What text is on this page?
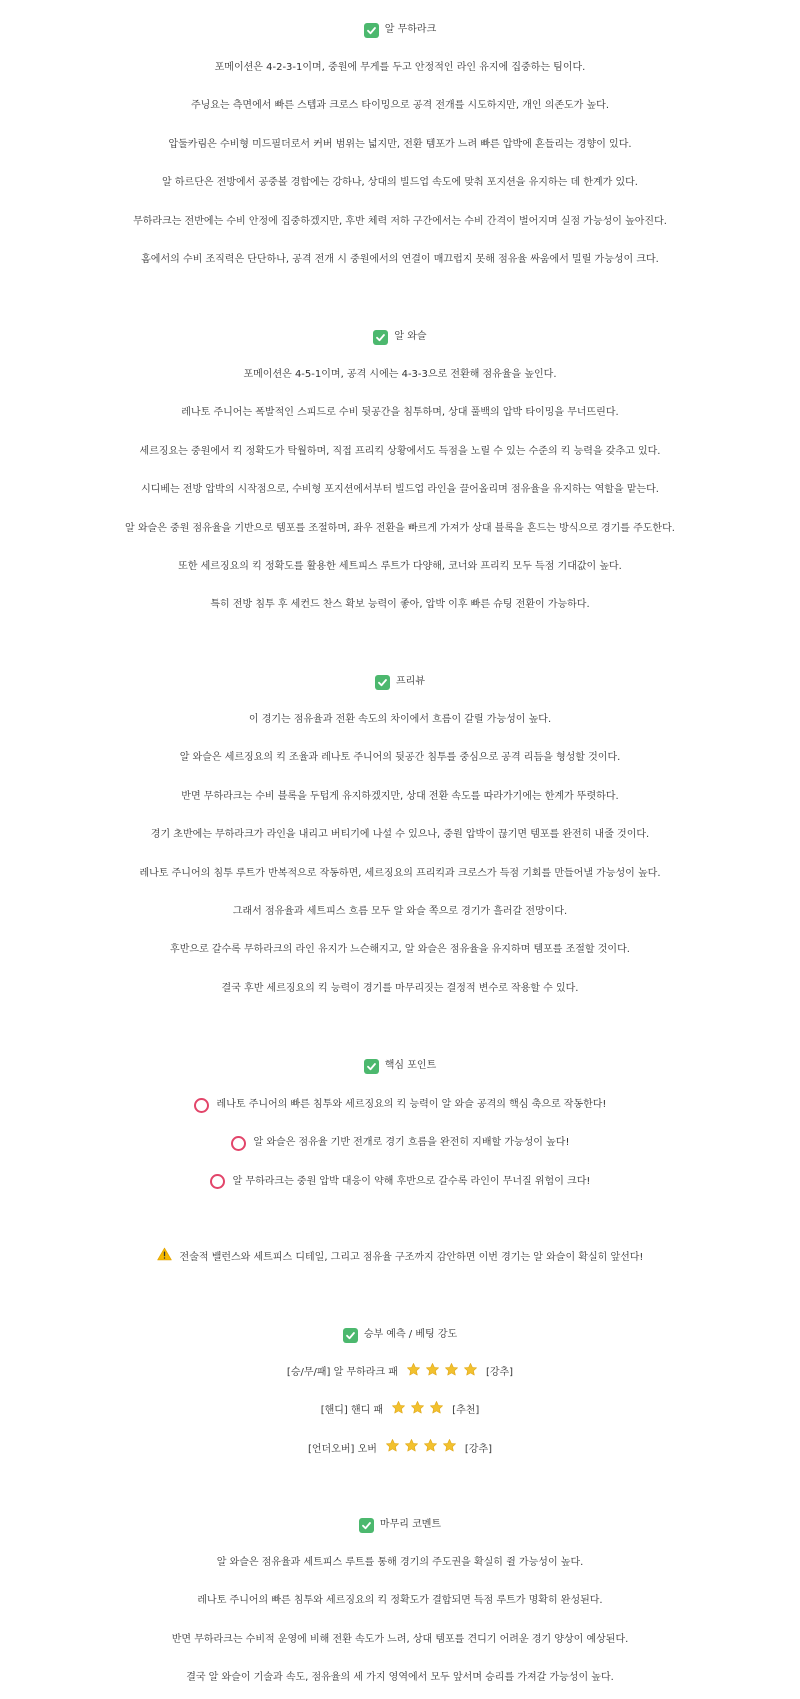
알 무하라크
포메이션은 4-2-3-1이며, 중원에 무게를 두고 안정적인 라인 유지에 집중하는 팀이다.
주닝요는 측면에서 빠른 스텝과 크로스 타이밍으로 공격 전개를 시도하지만, 개인 의존도가 높다.
압둘카림은 수비형 미드필더로서 커버 범위는 넓지만, 전환 템포가 느려 빠른 압박에 흔들리는 경향이 있다.
알 하르단은 전방에서 공중볼 경합에는 강하나, 상대의 빌드업 속도에 맞춰 포지션을 유지하는 데 한계가 있다.
무하라크는 전반에는 수비 안정에 집중하겠지만, 후반 체력 저하 구간에서는 수비 간격이 벌어지며 실점 가능성이 높아진다.
홈에서의 수비 조직력은 단단하나, 공격 전개 시 중원에서의 연결이 매끄럽지 못해 점유율 싸움에서 밀릴 가능성이 크다.
알 와슬
포메이션은 4-5-1이며, 공격 시에는 4-3-3으로 전환해 점유율을 높인다.
레나토 주니어는 폭발적인 스피드로 수비 뒷공간을 침투하며, 상대 풀백의 압박 타이밍을 무너뜨린다.
세르징요는 중원에서 킥 정확도가 탁월하며, 직접 프리킥 상황에서도 득점을 노릴 수 있는 수준의 킥 능력을 갖추고 있다.
시디베는 전방 압박의 시작점으로, 수비형 포지션에서부터 빌드업 라인을 끌어올리며 점유율을 유지하는 역할을 맡는다.
알 와슬은 중원 점유율을 기반으로 템포를 조절하며, 좌우 전환을 빠르게 가져가 상대 블록을 흔드는 방식으로 경기를 주도한다.
또한 세르징요의 킥 정확도를 활용한 세트피스 루트가 다양해, 코너와 프리킥 모두 득점 기대값이 높다.
특히 전방 침투 후 세컨드 찬스 확보 능력이 좋아, 압박 이후 빠른 슈팅 전환이 가능하다.
프리뷰
이 경기는 점유율과 전환 속도의 차이에서 흐름이 갈릴 가능성이 높다.
알 와슬은 세르징요의 킥 조율과 레나토 주니어의 뒷공간 침투를 중심으로 공격 리듬을 형성할 것이다.
반면 무하라크는 수비 블록을 두텁게 유지하겠지만, 상대 전환 속도를 따라가기에는 한계가 뚜렷하다.
경기 초반에는 무하라크가 라인을 내리고 버티기에 나설 수 있으나, 중원 압박이 끊기면 템포를 완전히 내줄 것이다.
레나토 주니어의 침투 루트가 반복적으로 작동하면, 세르징요의 프리킥과 크로스가 득점 기회를 만들어낼 가능성이 높다.
그래서 점유율과 세트피스 흐름 모두 알 와슬 쪽으로 경기가 흘러갈 전망이다.
후반으로 갈수록 무하라크의 라인 유지가 느슨해지고, 알 와슬은 점유율을 유지하며 템포를 조절할 것이다.
결국 후반 세르징요의 킥 능력이 경기를 마무리짓는 결정적 변수로 작용할 수 있다.
핵심 포인트
레나토 주니어의 빠른 침투와 세르징요의 킥 능력이 알 와슬 공격의 핵심 축으로 작동한다!
알 와슬은 점유율 기반 전개로 경기 흐름을 완전히 지배할 가능성이 높다!
알 무하라크는 중원 압박 대응이 약해 후반으로 갈수록 라인이 무너질 위험이 크다!
전술적 밸런스와 세트피스 디테일, 그리고 점유율 구조까지 감안하면 이번 경기는 알 와슬이 확실히 앞선다!
승부 예측 / 베팅 강도
[승/무/패] 알 무하라크 패	[강추]
[핸디] 핸디 패	[추천]
[언더오버] 오버	[강추]
마무리 코멘트
알 와슬은 점유율과 세트피스 루트를 통해 경기의 주도권을 확실히 쥘 가능성이 높다.
레나토 주니어의 빠른 침투와 세르징요의 킥 정확도가 결합되면 득점 루트가 명확히 완성된다.
반면 무하라크는 수비적 운영에 비해 전환 속도가 느려, 상대 템포를 견디기 어려운 경기 양상이 예상된다.
결국 알 와슬이 기술과 속도, 점유율의 세 가지 영역에서 모두 앞서며 승리를 가져갈 가능성이 높다.
